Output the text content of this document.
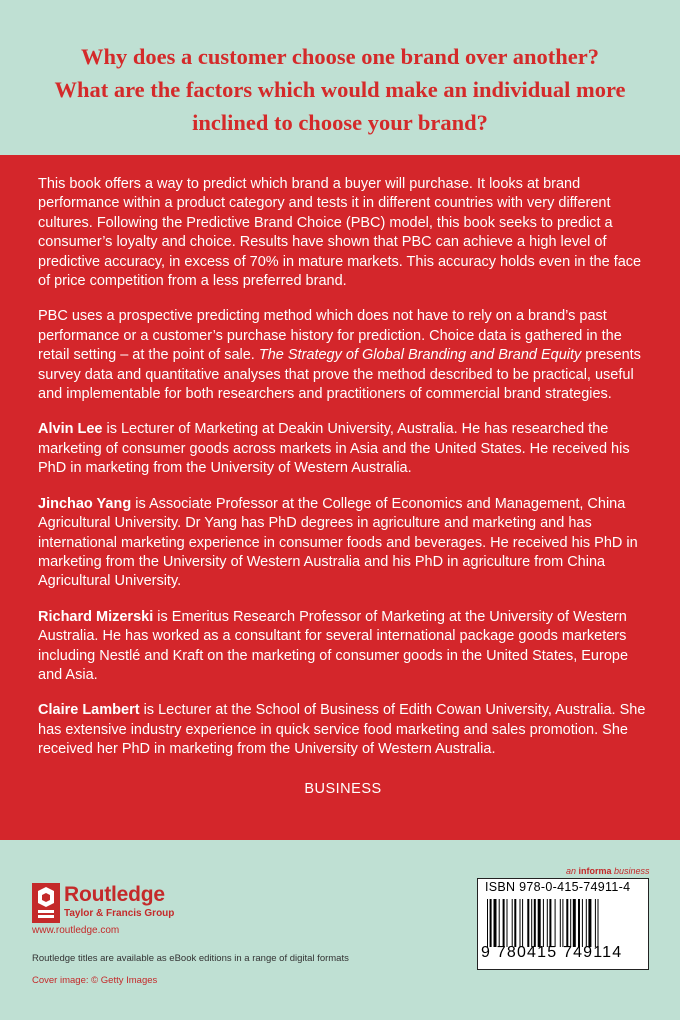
Why does a customer choose one brand over another?
What are the factors which would make an individual more
inclined to choose your brand?

This book offers a way to predict which brand a buyer will purchase. It looks at brand performance within a product category and tests it in different countries with very different cultures. Following the Predictive Brand Choice (PBC) model, this book seeks to predict a consumer’s loyalty and choice. Results have shown that PBC can achieve a high level of predictive accuracy, in excess of 70% in mature markets. This accuracy holds even in the face of price competition from a less preferred brand.

PBC uses a prospective predicting method which does not have to rely on a brand’s past performance or a customer’s purchase history for prediction. Choice data is gathered in the retail setting – at the point of sale. The Strategy of Global Branding and Brand Equity presents survey data and quantitative analyses that prove the method described to be practical, useful and implementable for both researchers and practitioners of commercial brand strategies.

Alvin Lee is Lecturer of Marketing at Deakin University, Australia. He has researched the marketing of consumer goods across markets in Asia and the United States. He received his PhD in marketing from the University of Western Australia.

Jinchao Yang is Associate Professor at the College of Economics and Management, China Agricultural University. Dr Yang has PhD degrees in agriculture and marketing and has international marketing experience in consumer foods and beverages. He received his PhD in marketing from the University of Western Australia and his PhD in agriculture from China Agricultural University.

Richard Mizerski is Emeritus Research Professor of Marketing at the University of Western Australia. He has worked as a consultant for several international package goods marketers including Nestlé and Kraft on the marketing of consumer goods in the United States, Europe and Asia.

Claire Lambert is Lecturer at the School of Business of Edith Cowan University, Australia. She has extensive industry experience in quick service food marketing and sales promotion. She received her PhD in marketing from the University of Western Australia.

BUSINESS
Routledge
Taylor & Francis Group
www.routledge.com
Routledge titles are available as eBook editions in a range of digital formats
Cover image: © Getty Images
an informa business
ISBN 978-0-415-74911-4
9 780415 749114
